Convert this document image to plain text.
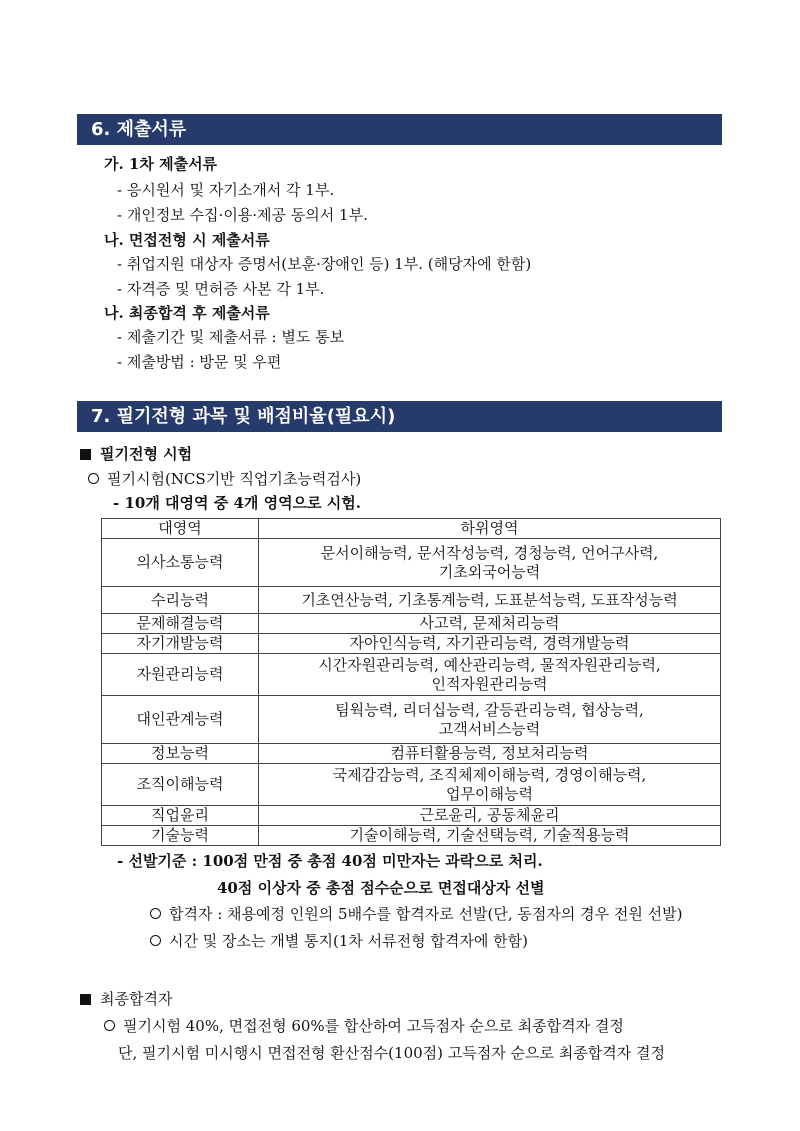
6. 제출서류
가. 1차 제출서류
- 응시원서 및 자기소개서 각 1부.
- 개인정보 수집·이용·제공 동의서 1부.
나. 면접전형 시 제출서류
- 취업지원 대상자 증명서(보훈·장애인 등) 1부. (해당자에 한함)
- 자격증 및 면허증 사본 각 1부.
나. 최종합격 후 제출서류
- 제출기간 및 제출서류 : 별도 통보
- 제출방법 : 방문 및 우편
7. 필기전형 과목 및 배점비율(필요시)
필기전형 시험
필기시험(NCS기반 직업기초능력검사)
- 10개 대영역 중 4개 영역으로 시험.
대영역	하위영역
의사소통능력	문서이해능력, 문서작성능력, 경청능력, 언어구사력,
기초외국어능력

수리능력	기초연산능력, 기초통계능력, 도표분석능력, 도표작성능력

문제해결능력	사고력, 문제처리능력

자기개발능력	자아인식능력, 자기관리능력, 경력개발능력

자원관리능력	시간자원관리능력, 예산관리능력, 물적자원관리능력,
인적자원관리능력

대인관계능력	팀웍능력, 리더십능력, 갈등관리능력, 협상능력,
고객서비스능력

정보능력	컴퓨터활용능력, 정보처리능력

조직이해능력	국제감감능력, 조직체제이해능력, 경영이해능력,
업무이해능력

직업윤리	근로윤리, 공동체윤리

기술능력	기술이해능력, 기술선택능력, 기술적용능력
- 선발기준 : 100점 만점 중 총점 40점 미만자는 과락으로 처리.
40점 이상자 중 총점 점수순으로 면접대상자 선별
합격자 : 채용예정 인원의 5배수를 합격자로 선발(단, 동점자의 경우 전원 선발)
시간 및 장소는 개별 통지(1차 서류전형 합격자에 한함)
최종합격자
필기시험 40%, 면접전형 60%를 합산하여 고득점자 순으로 최종합격자 결정
단, 필기시험 미시행시 면접전형 환산점수(100점) 고득점자 순으로 최종합격자 결정
